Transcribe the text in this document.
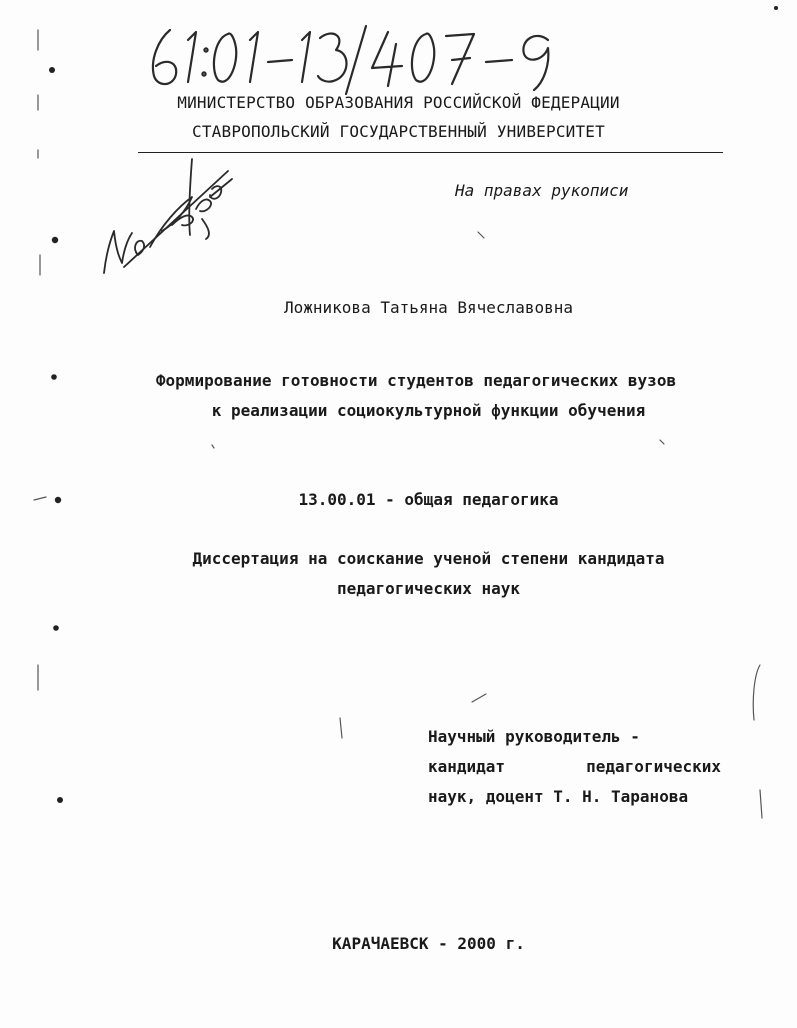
МИНИСТЕРСТВО ОБРАЗОВАНИЯ РОССИЙСКОЙ ФЕДЕРАЦИИ
СТАВРОПОЛЬСКИЙ ГОСУДАРСТВЕННЫЙ УНИВЕРСИТЕТ
На правах рукописи
Ложникова Татьяна Вячеславовна
Формирование готовности студентов педагогических вузов
к реализации социокультурной функции обучения
13.00.01 - общая педагогика
Диссертация на соискание ученой степени кандидата
педагогических наук
Научный руководитель -
кандидат	педагогических
наук, доцент Т. Н. Таранова
КАРАЧАЕВСК - 2000 г.
